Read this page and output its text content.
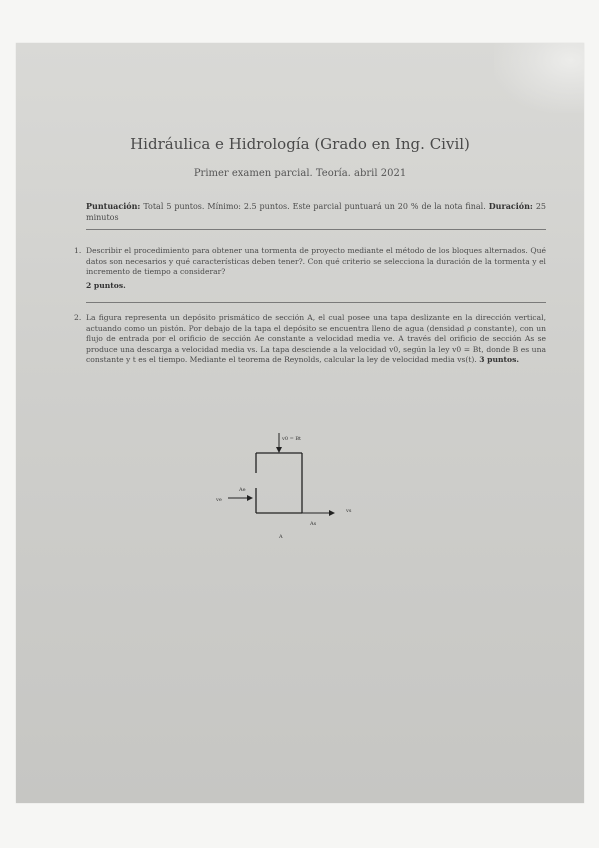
Hidráulica e Hidrología (Grado en Ing. Civil)
Primer examen parcial. Teoría. abril 2021
Puntuación: Total 5 puntos. Mínimo: 2.5 puntos. Este parcial puntuará un 20 % de la nota final. Duración: 25 minutos
1. Describir el procedimiento para obtener una tormenta de proyecto mediante el método de los bloques alternados. Qué datos son necesarios y qué características deben tener?. Con qué criterio se selecciona la duración de la tormenta y el incremento de tiempo a considerar?
2 puntos.
2. La figura representa un depósito prismático de sección A, el cual posee una tapa deslizante en la dirección vertical, actuando como un pistón. Por debajo de la tapa el depósito se encuentra lleno de agua (densidad ρ constante), con un flujo de entrada por el orificio de sección Ae constante a velocidad media ve. A través del orificio de sección As se produce una descarga a velocidad media vs. La tapa desciende a la velocidad v0, según la ley v0 = Bt, donde B es una constante y t es el tiempo. Mediante el teorema de Reynolds, calcular la ley de velocidad media vs(t). 3 puntos.
v0 = Bt
Ae
ve
vs
As
A
